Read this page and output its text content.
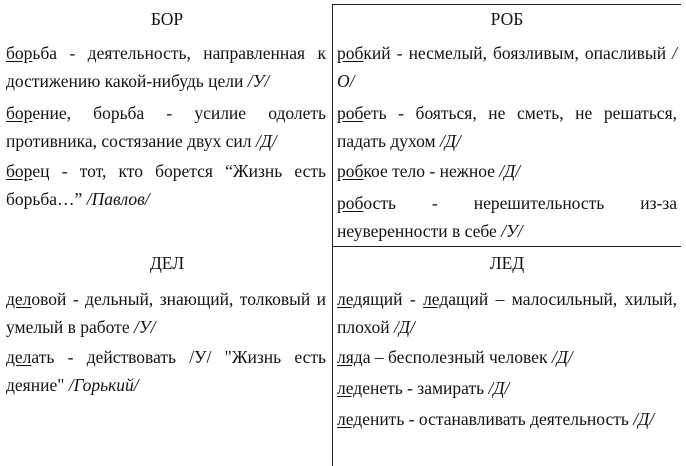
БОР
борьба - деятельность, направленная к достижению какой-нибудь цели /У/
борение, борьба - усилие одолеть противника, состязание двух сил /Д/
борец - тот, кто борется “Жизнь есть борьба…” /Павлов/
РОБ
робкий - несмелый, боязливым, опасливый /О/
робеть - бояться, не сметь, не решаться, падать духом /Д/
робкое тело - нежное /Д/
робость - нерешительность из-за неуверенности в себе /У/
ДЕЛ
деловой - дельный, знающий, толковый и умелый в работе /У/
делать - действовать /У/ "Жизнь есть деяние" /Горький/
ЛЕД
ледящий - ледащий – малосильный, хилый, плохой /Д/
ляда – бесполезный человек /Д/
леденеть - замирать /Д/
леденить - останавливать деятельность /Д/
